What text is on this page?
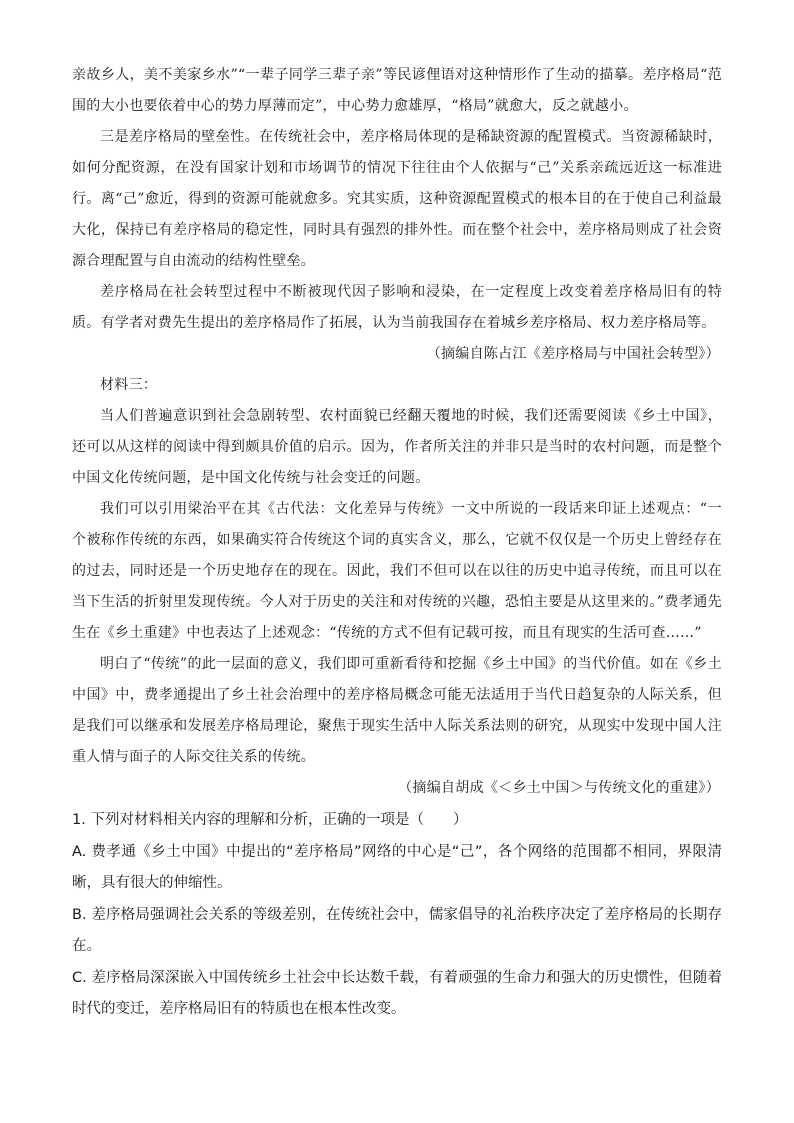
亲故乡人，美不美家乡水”“一辈子同学三辈子亲”等民谚俚语对这种情形作了生动的描摹。差序格局“范围的大小也要依着中心的势力厚薄而定”，中心势力愈雄厚，“格局”就愈大，反之就越小。

三是差序格局的壁垒性。在传统社会中，差序格局体现的是稀缺资源的配置模式。当资源稀缺时，如何分配资源，在没有国家计划和市场调节的情况下往往由个人依据与“己”关系亲疏远近这一标准进行。离“己”愈近，得到的资源可能就愈多。究其实质，这种资源配置模式的根本目的在于使自己利益最大化，保持已有差序格局的稳定性，同时具有强烈的排外性。而在整个社会中，差序格局则成了社会资源合理配置与自由流动的结构性壁垒。

差序格局在社会转型过程中不断被现代因子影响和浸染，在一定程度上改变着差序格局旧有的特质。有学者对费先生提出的差序格局作了拓展，认为当前我国存在着城乡差序格局、权力差序格局等。

（摘编自陈占江《差序格局与中国社会转型》）

材料三：

当人们普遍意识到社会急剧转型、农村面貌已经翻天覆地的时候，我们还需要阅读《乡土中国》，还可以从这样的阅读中得到颇具价值的启示。因为，作者所关注的并非只是当时的农村问题，而是整个中国文化传统问题，是中国文化传统与社会变迁的问题。

我们可以引用梁治平在其《古代法：文化差异与传统》一文中所说的一段话来印证上述观点：“一个被称作传统的东西，如果确实符合传统这个词的真实含义，那么，它就不仅仅是一个历史上曾经存在的过去，同时还是一个历史地存在的现在。因此，我们不但可以在以往的历史中追寻传统，而且可以在当下生活的折射里发现传统。今人对于历史的关注和对传统的兴趣，恐怕主要是从这里来的。”费孝通先生在《乡土重建》中也表达了上述观念：“传统的方式不但有记载可按，而且有现实的生活可查……”

明白了“传统”的此一层面的意义，我们即可重新看待和挖掘《乡土中国》的当代价值。如在《乡土中国》中，费孝通提出了乡土社会治理中的差序格局概念可能无法适用于当代日趋复杂的人际关系，但是我们可以继承和发展差序格局理论，聚焦于现实生活中人际关系法则的研究，从现实中发现中国人注重人情与面子的人际交往关系的传统。

（摘编自胡成《＜乡土中国＞与传统文化的重建》）

1. 下列对材料相关内容的理解和分析，正确的一项是（　　）

A. 费孝通《乡土中国》中提出的“差序格局”网络的中心是“己”，各个网络的范围都不相同，界限清晰，具有很大的伸缩性。

B. 差序格局强调社会关系的等级差别，在传统社会中，儒家倡导的礼治秩序决定了差序格局的长期存在。

C. 差序格局深深嵌入中国传统乡土社会中长达数千载，有着顽强的生命力和强大的历史惯性，但随着时代的变迁，差序格局旧有的特质也在根本性改变。
